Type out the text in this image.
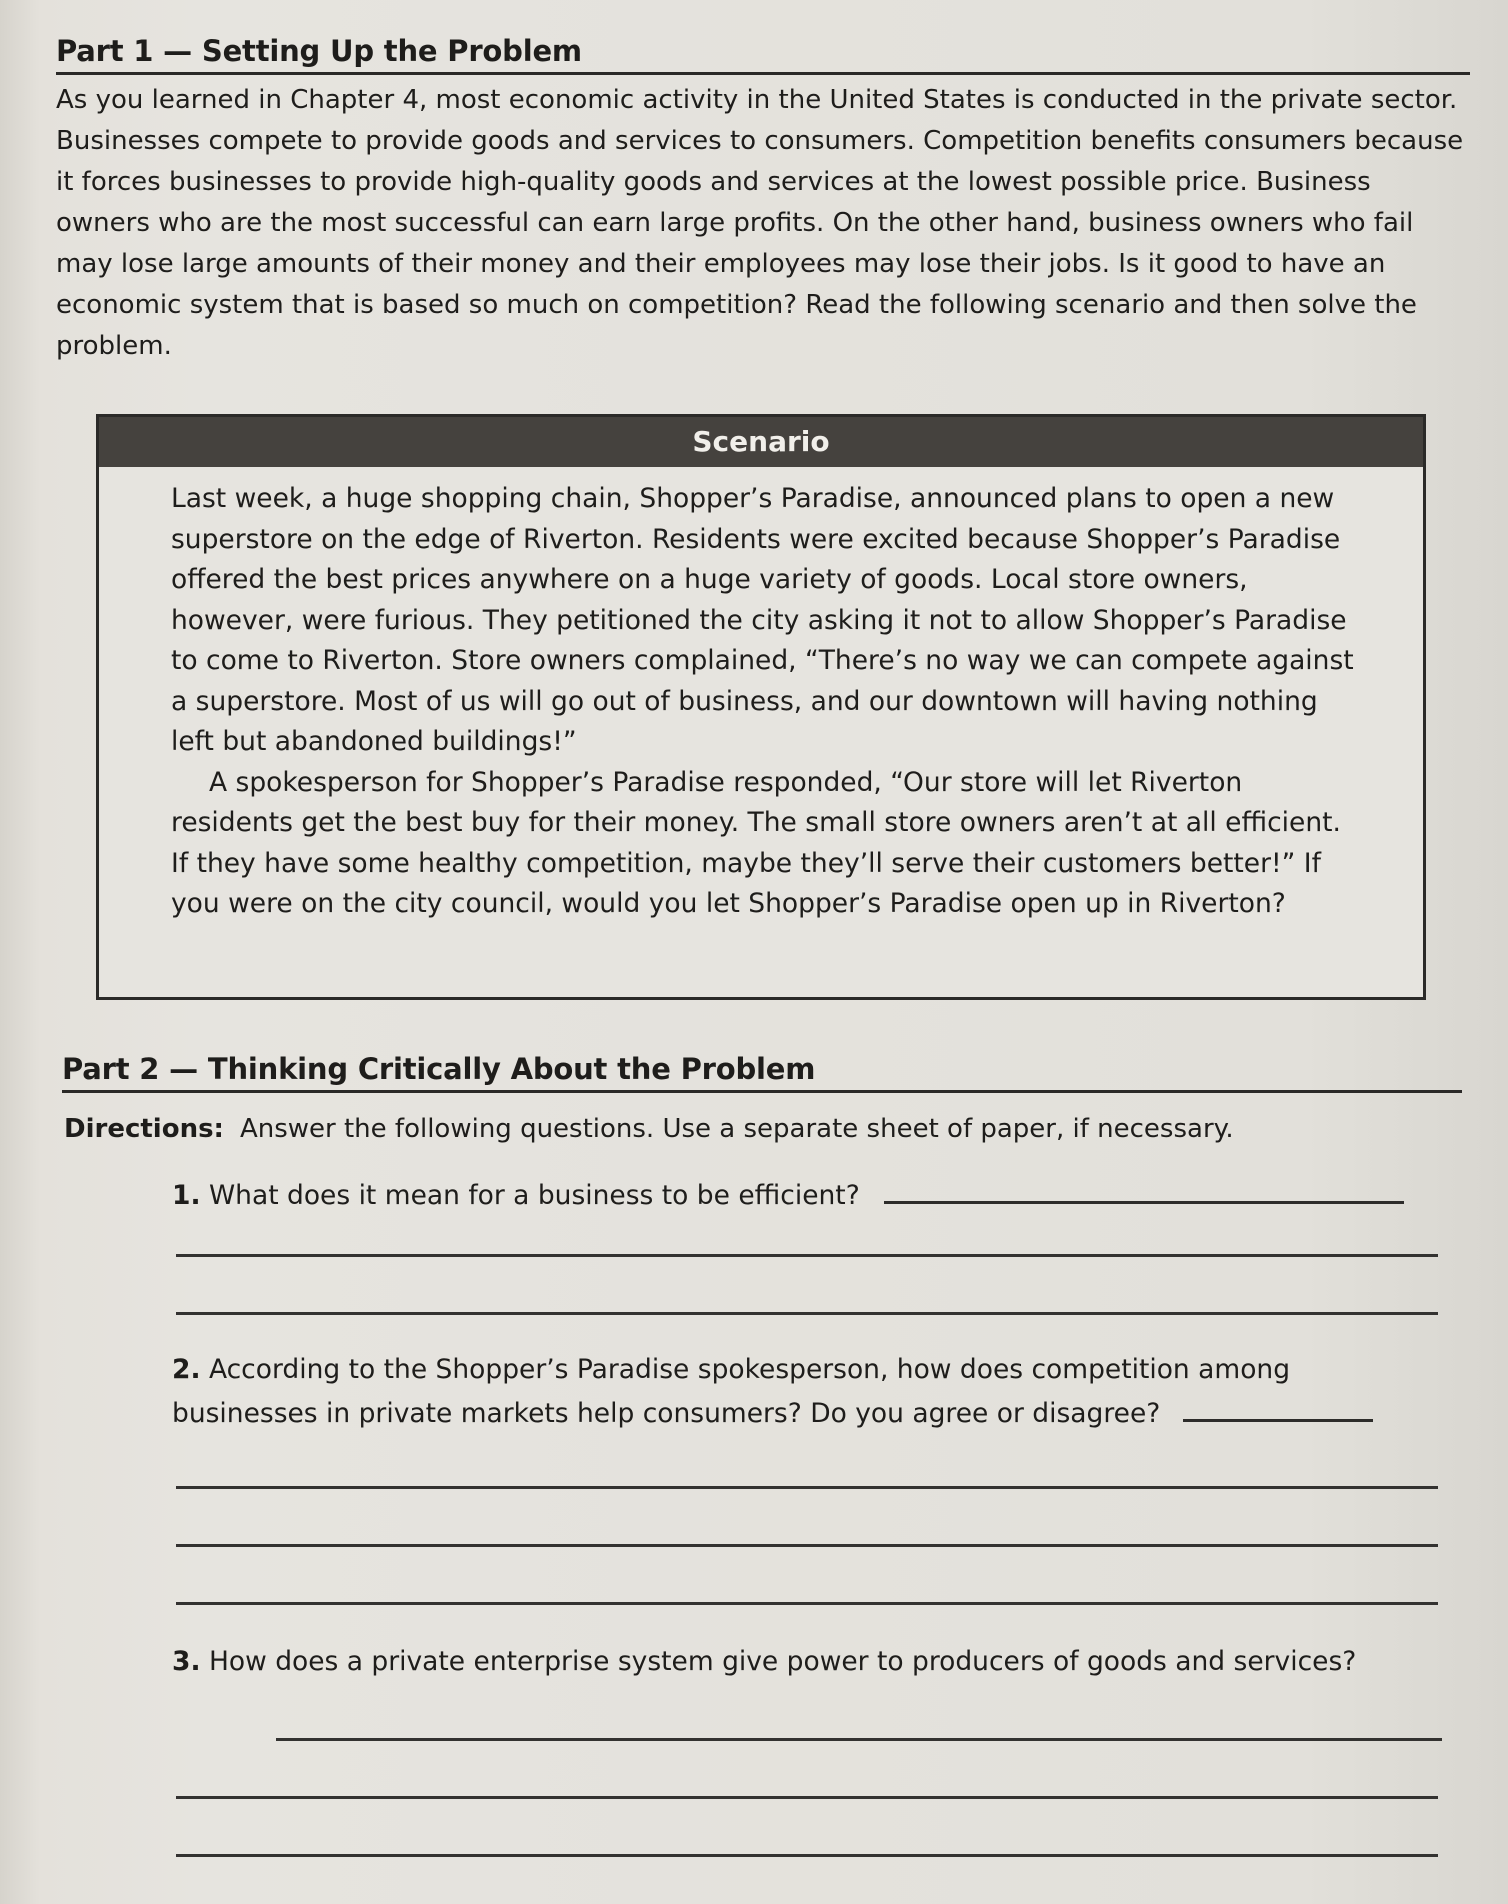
Part 1 — Setting Up the Problem

As you learned in Chapter 4, most economic activity in the United States is conducted in the private sector. Businesses compete to provide goods and services to consumers. Competition benefits consumers because it forces businesses to provide high-quality goods and services at the lowest possible price. Business owners who are the most successful can earn large profits. On the other hand, business owners who fail may lose large amounts of their money and their employees may lose their jobs. Is it good to have an economic system that is based so much on competition? Read the following scenario and then solve the problem.

Scenario

Last week, a huge shopping chain, Shopper’s Paradise, announced plans to open a new superstore on the edge of Riverton. Residents were excited because Shopper’s Paradise offered the best prices anywhere on a huge variety of goods. Local store owners, however, were furious. They petitioned the city asking it not to allow Shopper’s Paradise to come to Riverton. Store owners complained, “There’s no way we can compete against a superstore. Most of us will go out of business, and our downtown will having nothing left but abandoned buildings!”

A spokesperson for Shopper’s Paradise responded, “Our store will let Riverton residents get the best buy for their money. The small store owners aren’t at all efficient. If they have some healthy competition, maybe they’ll serve their customers better!” If you were on the city council, would you let Shopper’s Paradise open up in Riverton?

Part 2 — Thinking Critically About the Problem
Directions: Answer the following questions. Use a separate sheet of paper, if necessary.
1. What does it mean for a business to be efficient?
2. According to the Shopper’s Paradise spokesperson, how does competition among businesses in private markets help consumers? Do you agree or disagree?
3. How does a private enterprise system give power to producers of goods and services?
